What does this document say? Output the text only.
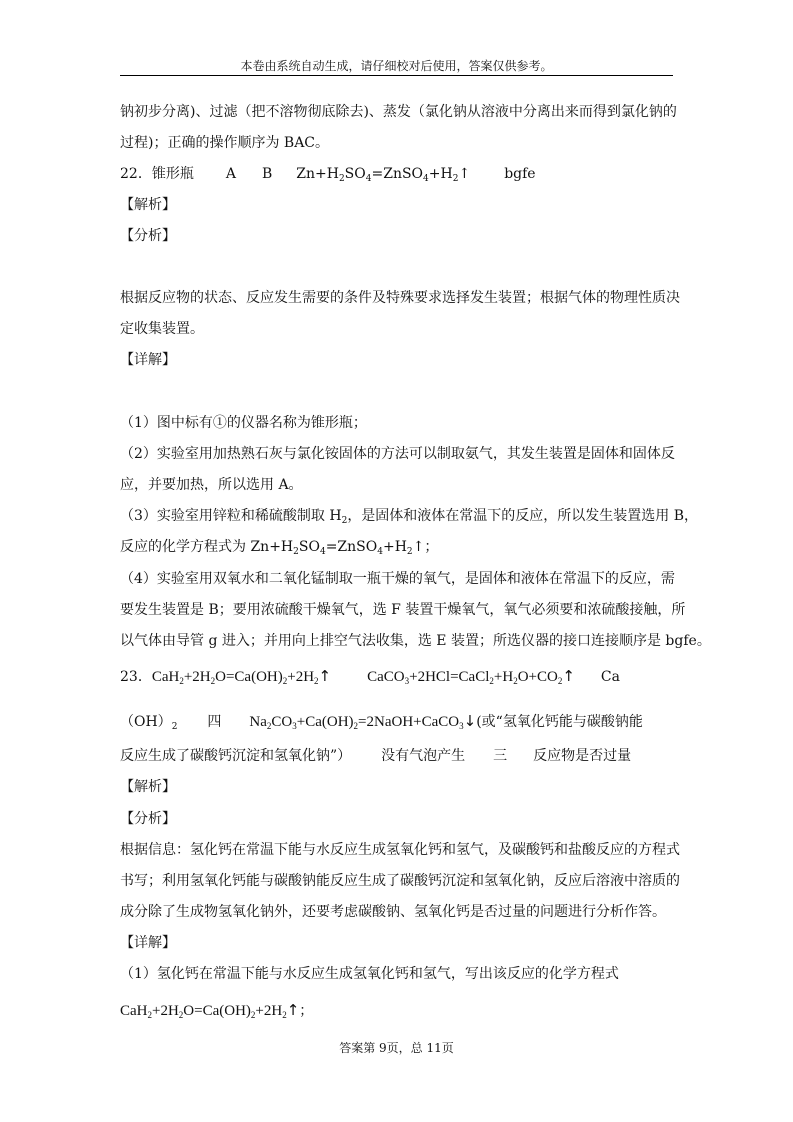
本卷由系统自动生成，请仔细校对后使用，答案仅供参考。
钠初步分离)、过滤（把不溶物彻底除去)、蒸发（氯化钠从溶液中分离出来而得到氯化钠的
过程)；正确的操作顺序为 BAC。
22．锥形瓶 A B $Zn+H_2SO_4=ZnSO_4+H_2↑$ bgfe
【解析】
【分析】
根据反应物的状态、反应发生需要的条件及特殊要求选择发生装置；根据气体的物理性质决
定收集装置。
【详解】
（1）图中标有①的仪器名称为锥形瓶；
（2）实验室用加热熟石灰与氯化铵固体的方法可以制取氨气，其发生装置是固体和固体反
应，并要加热，所以选用 A。
（3）实验室用锌粒和稀硫酸制取 $H_2$，是固体和液体在常温下的反应，所以发生装置选用 B，
反应的化学方程式为 $Zn+H_2SO_4=ZnSO_4+H_2↑$；
（4）实验室用双氧水和二氧化锰制取一瓶干燥的氧气，是固体和液体在常温下的反应，需
要发生装置是 B；要用浓硫酸干燥氧气，选 F 装置干燥氧气，氧气必须要和浓硫酸接触，所
以气体由导管 g 进入；并用向上排空气法收集，选 E 装置；所选仪器的接口连接顺序是 bgfe。
23．$CaH_2+2H_2O=Ca(OH)_2+2H_2↑$ $CaCO_3+2HCl=CaCl_2+H_2O+CO_2↑$ Ca
$(OH)_2$ 四 $Na_2CO_3+Ca(OH)_2=2NaOH+CaCO_3↓$(或“氢氧化钙能与碳酸钠能
反应生成了碳酸钙沉淀和氢氧化钠”） 没有气泡产生 三 反应物是否过量
【解析】
【分析】
根据信息：氢化钙在常温下能与水反应生成氢氧化钙和氢气，及碳酸钙和盐酸反应的方程式
书写；利用氢氧化钙能与碳酸钠能反应生成了碳酸钙沉淀和氢氧化钠，反应后溶液中溶质的
成分除了生成物氢氧化钠外，还要考虑碳酸钠、氢氧化钙是否过量的问题进行分析作答。
【详解】
（1）氢化钙在常温下能与水反应生成氢氧化钙和氢气，写出该反应的化学方程式
$CaH_2+2H_2O=Ca(OH)_2+2H_2↑$；
答案第 9页，总 11页
